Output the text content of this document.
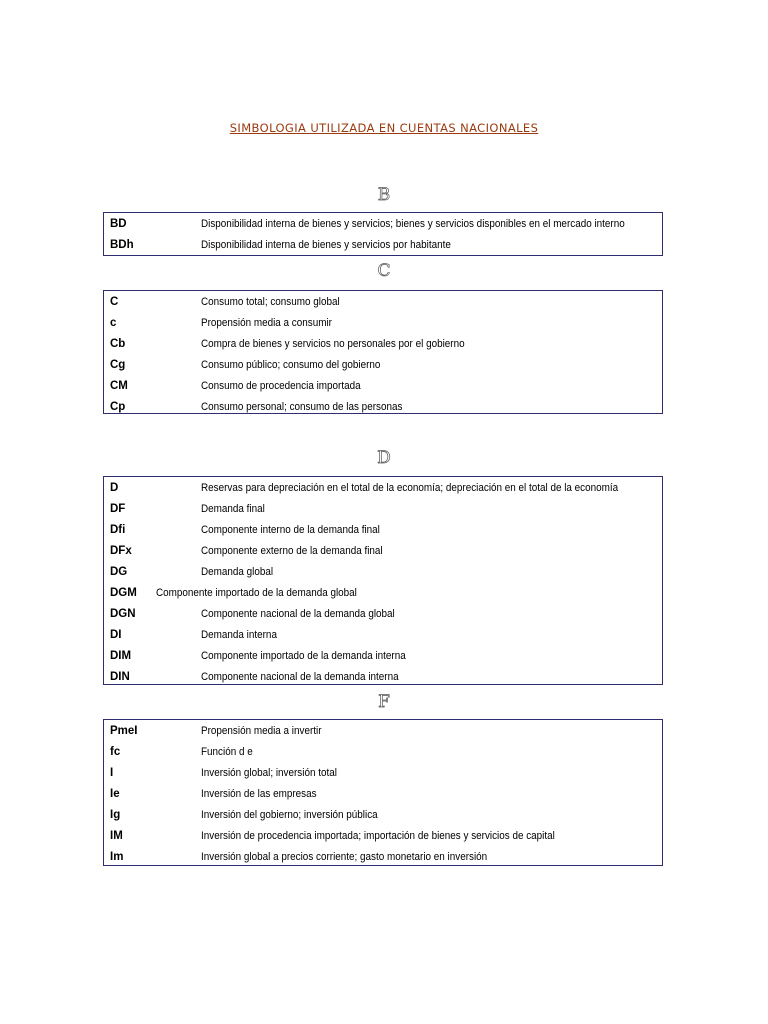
SIMBOLOGIA UTILIZADA EN CUENTAS NACIONALES
B
BD	Disponibilidad interna de bienes y servicios; bienes y servicios disponibles en el mercado interno
BDh	Disponibilidad interna de bienes y servicios por habitante
C
C	Consumo total; consumo global
c	Propensión media a consumir
Cb	Compra de bienes y servicios no personales por el gobierno
Cg	Consumo público; consumo del gobierno
CM	Consumo de procedencia importada
Cp	Consumo personal; consumo de las personas
D
D	Reservas para depreciación en el total de la economía; depreciación en el total de la economía
DF	Demanda final
Dfi	Componente interno de la demanda final
DFx	Componente externo de la demanda final
DG	Demanda global
DGM Componente importado de la demanda global
DGN	Componente nacional de la demanda global
DI	Demanda interna
DIM	Componente importado de la demanda interna
DIN	Componente nacional de la demanda interna
F
PmeI	Propensión media a invertir
fc	Función d e
I	Inversión global; inversión total
Ie	Inversión de las empresas
Ig	Inversión del gobierno; inversión pública
IM	Inversión de procedencia importada; importación de bienes y servicios de capital
Im	Inversión global a precios corriente; gasto monetario en inversión
